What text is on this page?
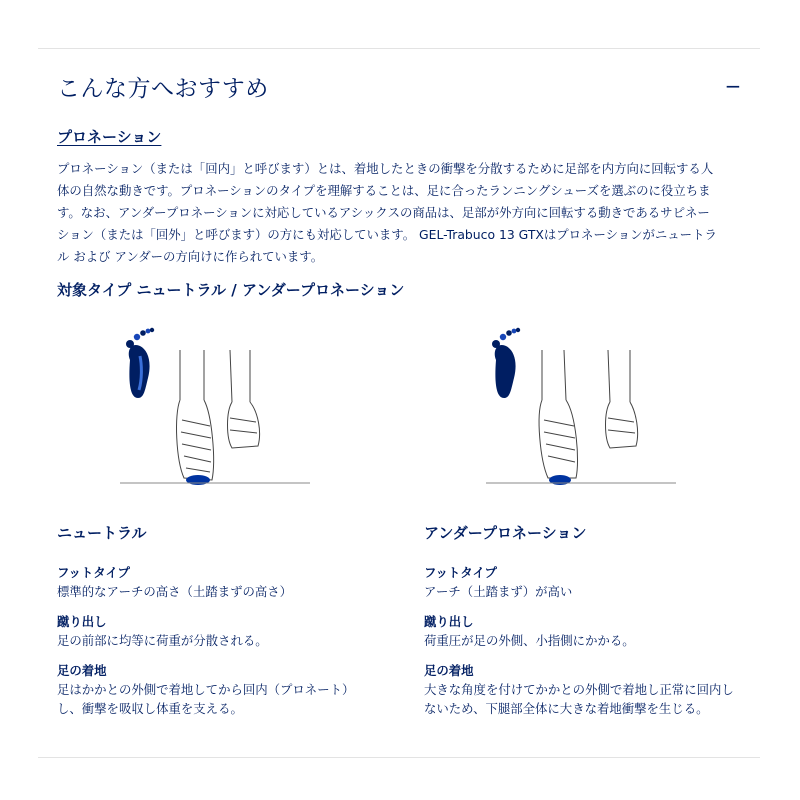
こんな方へおすすめ	−
プロネーション
プロネーション（または「回内」と呼びます）とは、着地したときの衝撃を分散するために足部を内方向に回転する人体の自然な動きです。プロネーションのタイプを理解することは、足に合ったランニングシューズを選ぶのに役立ちます。なお、アンダープロネーションに対応しているアシックスの商品は、足部が外方向に回転する動きであるサピネーション（または「回外」と呼びます）の方にも対応しています。 GEL-Trabuco 13 GTXはプロネーションがニュートラル および アンダーの方向けに作られています。
対象タイプ ニュートラル / アンダープロネーション
ニュートラル
フットタイプ
標準的なアーチの高さ（土踏まずの高さ）
蹴り出し
足の前部に均等に荷重が分散される。
足の着地
足はかかとの外側で着地してから回内（プロネート）し、衝撃を吸収し体重を支える。
アンダープロネーション
フットタイプ
アーチ（土踏まず）が高い
蹴り出し
荷重圧が足の外側、小指側にかかる。
足の着地
大きな角度を付けてかかとの外側で着地し正常に回内しないため、下腿部全体に大きな着地衝撃を生じる。
